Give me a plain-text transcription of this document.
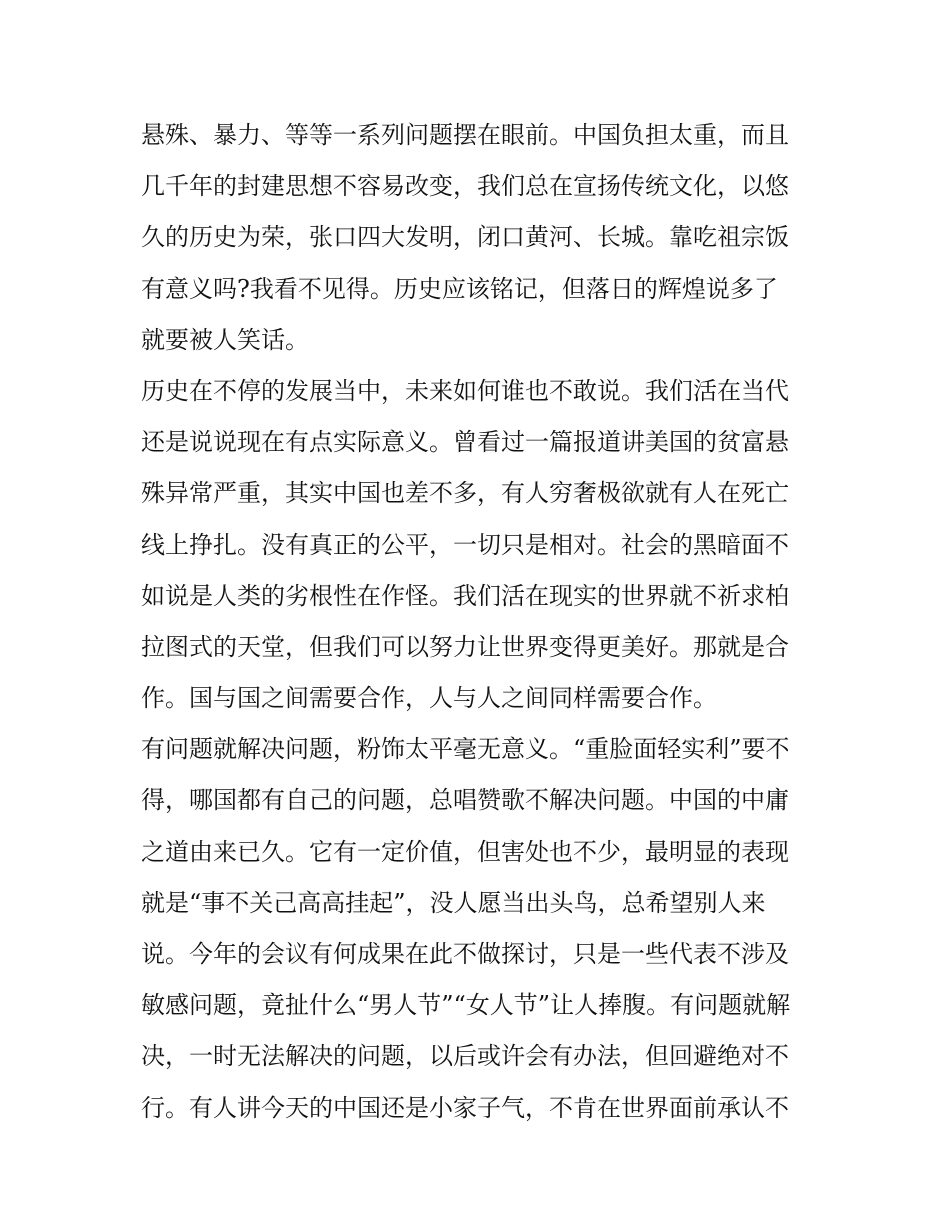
悬殊、暴力、等等一系列问题摆在眼前。中国负担太重，而且
几千年的封建思想不容易改变，我们总在宣扬传统文化，以悠
久的历史为荣，张口四大发明，闭口黄河、长城。靠吃祖宗饭
有意义吗?我看不见得。历史应该铭记，但落日的辉煌说多了
就要被人笑话。
历史在不停的发展当中，未来如何谁也不敢说。我们活在当代
还是说说现在有点实际意义。曾看过一篇报道讲美国的贫富悬
殊异常严重，其实中国也差不多，有人穷奢极欲就有人在死亡
线上挣扎。没有真正的公平，一切只是相对。社会的黑暗面不
如说是人类的劣根性在作怪。我们活在现实的世界就不祈求柏
拉图式的天堂，但我们可以努力让世界变得更美好。那就是合
作。国与国之间需要合作，人与人之间同样需要合作。
有问题就解决问题，粉饰太平毫无意义。“重脸面轻实利”要不
得，哪国都有自己的问题，总唱赞歌不解决问题。中国的中庸
之道由来已久。它有一定价值，但害处也不少，最明显的表现
就是“事不关己高高挂起”，没人愿当出头鸟，总希望别人来
说。今年的会议有何成果在此不做探讨，只是一些代表不涉及
敏感问题，竟扯什么“男人节”“女人节”让人捧腹。有问题就解
决，一时无法解决的问题，以后或许会有办法，但回避绝对不
行。有人讲今天的中国还是小家子气，不肯在世界面前承认不
